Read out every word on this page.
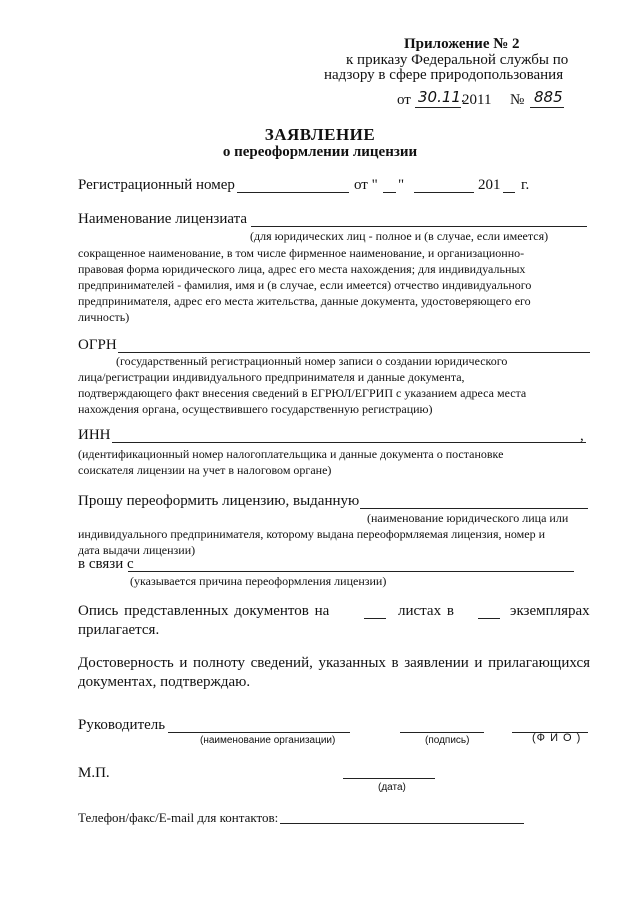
Приложение № 2
к приказу Федеральной службы по
надзору в сфере природопользования
от 30.11.
2011 № 885
ЗАЯВЛЕНИЕ
о переоформлении лицензии
Регистрационный номер	от " "	201 г.
Наименование лицензиата
(для юридических лиц - полное и (в случае, если имеется)
сокращенное наименование, в том числе фирменное наименование, и организационно-
правовая форма юридического лица, адрес его места нахождения; для индивидуальных
предпринимателей - фамилия, имя и (в случае, если имеется) отчество индивидуального
предпринимателя, адрес его места жительства, данные документа, удостоверяющего его
личность)
ОГРН
(государственный регистрационный номер записи о создании юридического
лица/регистрации индивидуального предпринимателя и данные документа,
подтверждающего факт внесения сведений в ЕГРЮЛ/ЕГРИП с указанием адреса места
нахождения органа, осуществившего государственную регистрацию)
ИНН	,
(идентификационный номер налогоплательщика и данные документа о постановке
соискателя лицензии на учет в налоговом органе)
Прошу переоформить лицензию, выданную
(наименование юридического лица или
индивидуального предпринимателя, которому выдана переоформляемая лицензия, номер и
дата выдачи лицензии)
в связи с
(указывается причина переоформления лицензии)
Опись представленных документов на	листах в	экземплярах
прилагается.
Достоверность и полноту сведений, указанных в заявлении и прилагающихся
документах, подтверждаю.
Руководитель
(наименование организации)	(подпись)	(Ф И О )
М.П.
(дата)
Телефон/факс/E-mail для контактов:
